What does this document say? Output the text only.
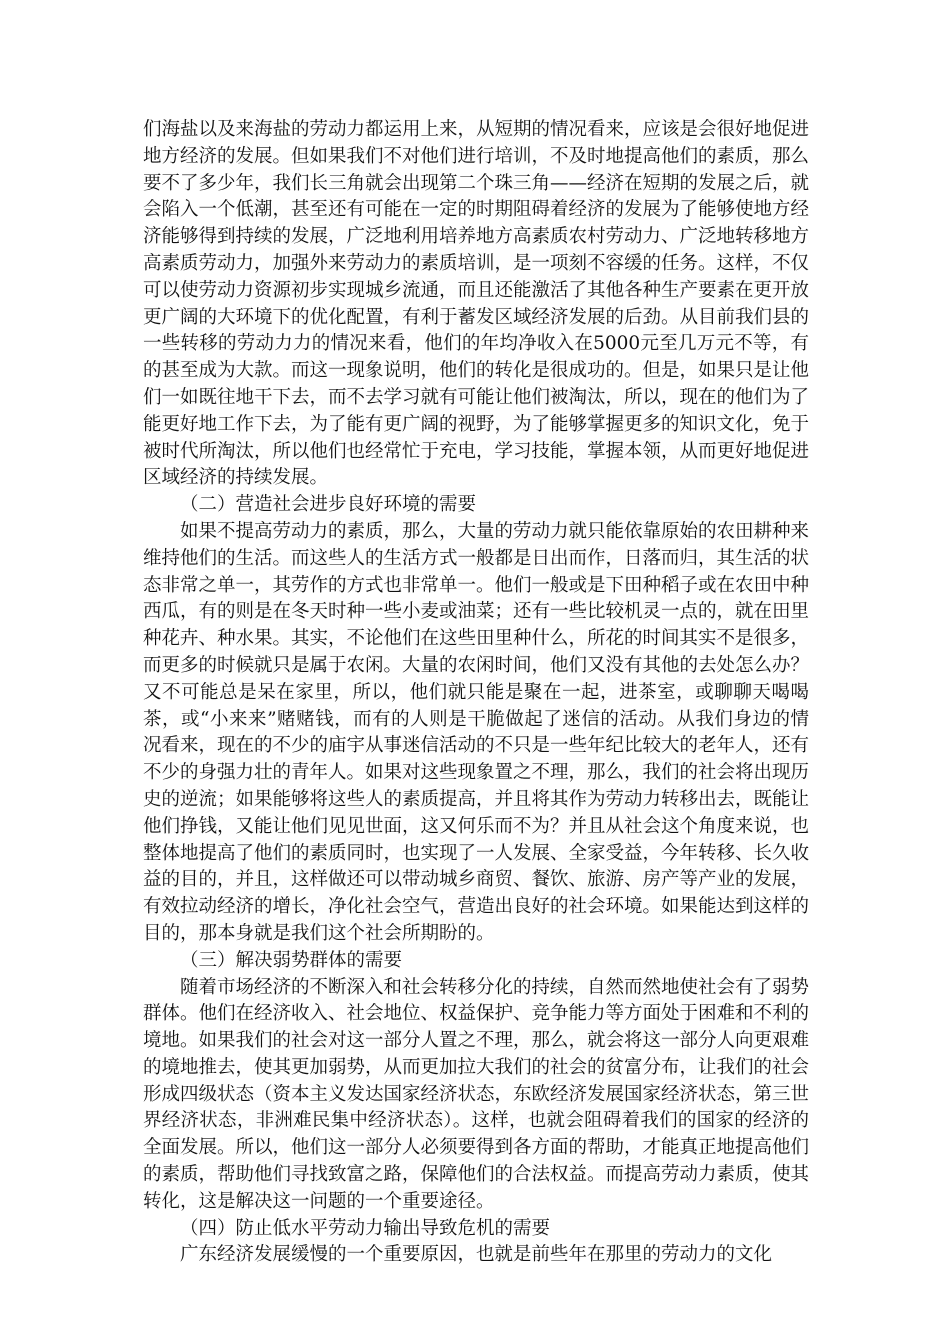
们海盐以及来海盐的劳动力都运用上来，从短期的情况看来，应该是会很好地促进地方经济的发展。但如果我们不对他们进行培训，不及时地提高他们的素质，那么要不了多少年，我们长三角就会出现第二个珠三角——经济在短期的发展之后，就会陷入一个低潮，甚至还有可能在一定的时期阻碍着经济的发展为了能够使地方经济能够得到持续的发展，广泛地利用培养地方高素质农村劳动力、广泛地转移地方高素质劳动力，加强外来劳动力的素质培训，是一项刻不容缓的任务。这样，不仅可以使劳动力资源初步实现城乡流通，而且还能激活了其他各种生产要素在更开放更广阔的大环境下的优化配置，有利于蓄发区域经济发展的后劲。从目前我们县的一些转移的劳动力力的情况来看，他们的年均净收入在5000元至几万元不等，有的甚至成为大款。而这一现象说明，他们的转化是很成功的。但是，如果只是让他们一如既往地干下去，而不去学习就有可能让他们被淘汰，所以，现在的他们为了能更好地工作下去，为了能有更广阔的视野，为了能够掌握更多的知识文化，免于被时代所淘汰，所以他们也经常忙于充电，学习技能，掌握本领，从而更好地促进区域经济的持续发展。

（二）营造社会进步良好环境的需要

如果不提高劳动力的素质，那么，大量的劳动力就只能依靠原始的农田耕种来维持他们的生活。而这些人的生活方式一般都是日出而作，日落而归，其生活的状态非常之单一，其劳作的方式也非常单一。他们一般或是下田种稻子或在农田中种西瓜，有的则是在冬天时种一些小麦或油菜；还有一些比较机灵一点的，就在田里种花卉、种水果。其实，不论他们在这些田里种什么，所花的时间其实不是很多，而更多的时候就只是属于农闲。大量的农闲时间，他们又没有其他的去处怎么办？又不可能总是呆在家里，所以，他们就只能是聚在一起，进茶室，或聊聊天喝喝茶，或“小来来”赌赌钱，而有的人则是干脆做起了迷信的活动。从我们身边的情况看来，现在的不少的庙宇从事迷信活动的不只是一些年纪比较大的老年人，还有不少的身强力壮的青年人。如果对这些现象置之不理，那么，我们的社会将出现历史的逆流；如果能够将这些人的素质提高，并且将其作为劳动力转移出去，既能让他们挣钱，又能让他们见见世面，这又何乐而不为？并且从社会这个角度来说，也整体地提高了他们的素质同时，也实现了一人发展、全家受益，今年转移、长久收益的目的，并且，这样做还可以带动城乡商贸、餐饮、旅游、房产等产业的发展，有效拉动经济的增长，净化社会空气，营造出良好的社会环境。如果能达到这样的目的，那本身就是我们这个社会所期盼的。

（三）解决弱势群体的需要

随着市场经济的不断深入和社会转移分化的持续，自然而然地使社会有了弱势群体。他们在经济收入、社会地位、权益保护、竞争能力等方面处于困难和不利的境地。如果我们的社会对这一部分人置之不理，那么，就会将这一部分人向更艰难的境地推去，使其更加弱势，从而更加拉大我们的社会的贫富分布，让我们的社会形成四级状态（资本主义发达国家经济状态，东欧经济发展国家经济状态，第三世界经济状态，非洲难民集中经济状态）。这样，也就会阻碍着我们的国家的经济的全面发展。所以，他们这一部分人必须要得到各方面的帮助，才能真正地提高他们的素质，帮助他们寻找致富之路，保障他们的合法权益。而提高劳动力素质，使其转化，这是解决这一问题的一个重要途径。

（四）防止低水平劳动力输出导致危机的需要

广东经济发展缓慢的一个重要原因，也就是前些年在那里的劳动力的文化
